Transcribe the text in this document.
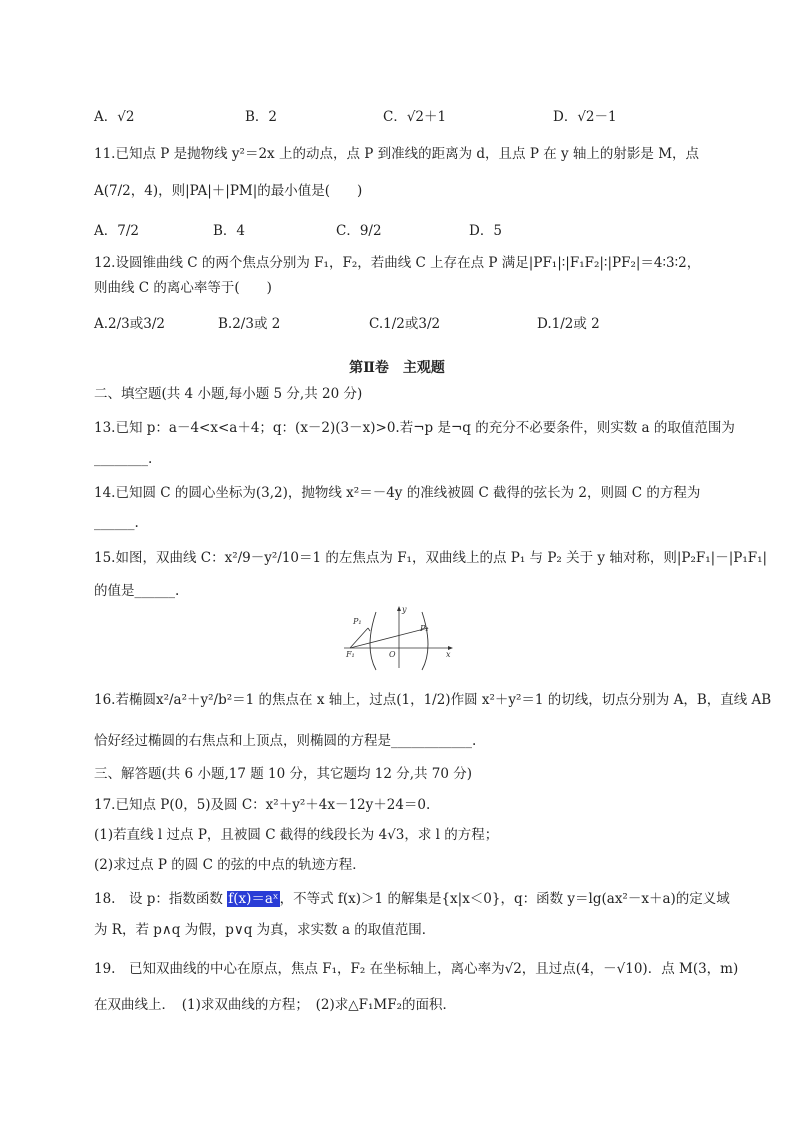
A．√2	B．2	C．√2＋1	D．√2－1
11.已知点 P 是抛物线 y²＝2x 上的动点，点 P 到准线的距离为 d，且点 P 在 y 轴上的射影是 M，点
A(7/2，4)，则|PA|＋|PM|的最小值是(　　)
A．7/2	B．4	C．9/2	D．5
12.设圆锥曲线 C 的两个焦点分别为 F₁，F₂，若曲线 C 上存在点 P 满足|PF₁|∶|F₁F₂|∶|PF₂|＝4∶3∶2，
则曲线 C 的离心率等于(　　)
A.2/3或3/2	B.2/3或 2	C.1/2或3/2	D.1/2或 2
第Ⅱ卷　主观题
二、填空题(共 4 小题,每小题 5 分,共 20 分)
13.已知 p：a－4<x<a＋4；q：(x－2)(3－x)>0.若¬p 是¬q 的充分不必要条件，则实数 a 的取值范围为
________.
14.已知圆 C 的圆心坐标为(3,2)，抛物线 x²＝－4y 的准线被圆 C 截得的弦长为 2，则圆 C 的方程为
______.
15.如图，双曲线 C：x²/9－y²/10＝1 的左焦点为 F₁，双曲线上的点 P₁ 与 P₂ 关于 y 轴对称，则|P₂F₁|－|P₁F₁|
的值是______.
P₁
P₂
F₁	O	x
y
16.若椭圆x²/a²＋y²/b²＝1 的焦点在 x 轴上，过点(1，1/2)作圆 x²＋y²＝1 的切线，切点分别为 A，B，直线 AB
恰好经过椭圆的右焦点和上顶点，则椭圆的方程是____________.
三、解答题(共 6 小题,17 题 10 分，其它题均 12 分,共 70 分)
17.已知点 P(0，5)及圆 C：x²＋y²＋4x－12y＋24＝0.
(1)若直线 l 过点 P，且被圆 C 截得的线段长为 4√3，求 l 的方程；
(2)求过点 P 的圆 C 的弦的中点的轨迹方程．
18.　设 p：指数函数 f(x)＝aˣ，不等式 f(x)＞1 的解集是{x|x＜0}，q：函数 y＝lg(ax²－x＋a)的定义域
为 R，若 p∧q 为假，p∨q 为真，求实数 a 的取值范围．
19.　已知双曲线的中心在原点，焦点 F₁，F₂ 在坐标轴上，离心率为√2，且过点(4，－√10)．点 M(3，m)
在双曲线上．　(1)求双曲线的方程；　(2)求△F₁MF₂的面积．
